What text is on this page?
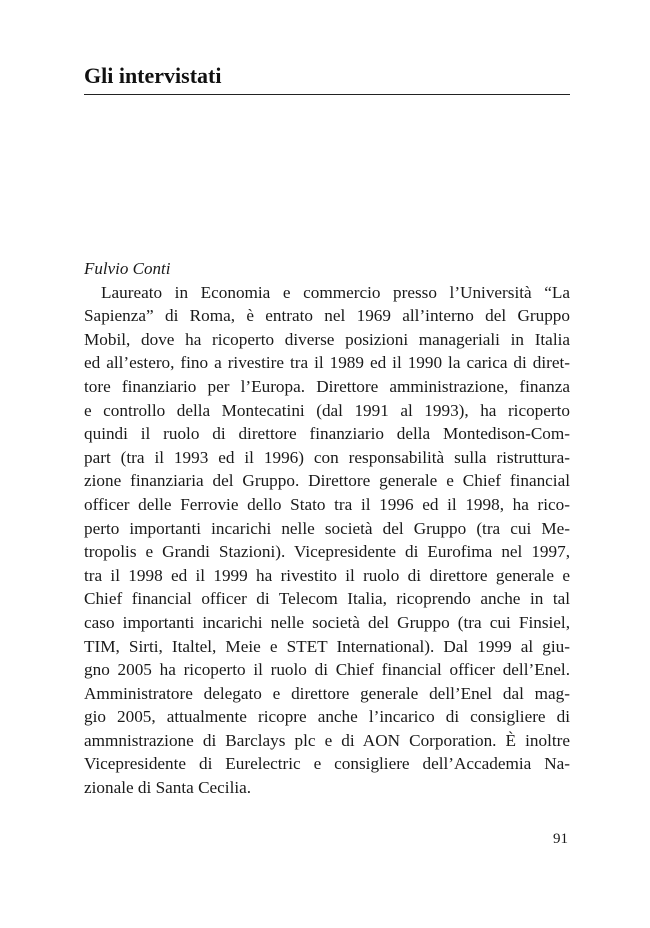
Gli intervistati

Fulvio Conti

Laureato in Economia e commercio presso l’Università “La

Sapienza” di Roma, è entrato nel 1969 all’interno del Gruppo

Mobil, dove ha ricoperto diverse posizioni manageriali in Italia

ed all’estero, fino a rivestire tra il 1989 ed il 1990 la carica di diret-

tore finanziario per l’Europa. Direttore amministrazione, finanza

e controllo della Montecatini (dal 1991 al 1993), ha ricoperto

quindi il ruolo di direttore finanziario della Montedison-Com-

part (tra il 1993 ed il 1996) con responsabilità sulla ristruttura-

zione finanziaria del Gruppo. Direttore generale e Chief financial

officer delle Ferrovie dello Stato tra il 1996 ed il 1998, ha rico-

perto importanti incarichi nelle società del Gruppo (tra cui Me-

tropolis e Grandi Stazioni). Vicepresidente di Eurofima nel 1997,

tra il 1998 ed il 1999 ha rivestito il ruolo di direttore generale e

Chief financial officer di Telecom Italia, ricoprendo anche in tal

caso importanti incarichi nelle società del Gruppo (tra cui Finsiel,

TIM, Sirti, Italtel, Meie e STET International). Dal 1999 al giu-

gno 2005 ha ricoperto il ruolo di Chief financial officer dell’Enel.

Amministratore delegato e direttore generale dell’Enel dal mag-

gio 2005, attualmente ricopre anche l’incarico di consigliere di

ammnistrazione di Barclays plc e di AON Corporation. È inoltre

Vicepresidente di Eurelectric e consigliere dell’Accademia Na-

zionale di Santa Cecilia.

91
